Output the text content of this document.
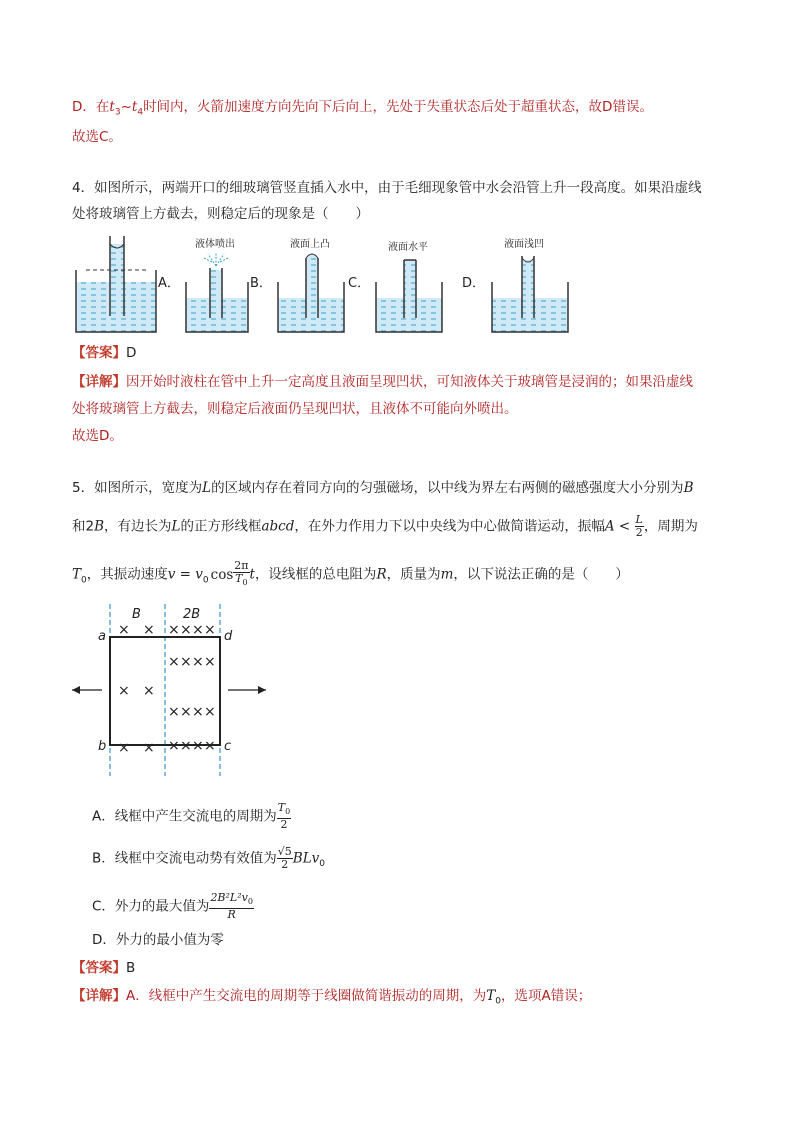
D．在$t_3\sim t_4$时间内，火箭加速度方向先向下后向上，先处于失重状态后处于超重状态，故D错误。
故选C。
4．如图所示，两端开口的细玻璃管竖直插入水中，由于毛细现象管中水会沿管上升一段高度。如果沿虚线
处将玻璃管上方截去，则稳定后的现象是（　　）
A．
液体喷出
B．
液面上凸
C．
液面水平
D．
液面浅凹
【答案】D
【详解】因开始时液柱在管中上升一定高度且液面呈现凹状，可知液体关于玻璃管是浸润的；如果沿虚线
处将玻璃管上方截去，则稳定后液面仍呈现凹状，且液体不可能向外喷出。
故选D。
5．如图所示，宽度为L的区域内存在着同方向的匀强磁场，以中线为界左右两侧的磁感强度大小分别为B
和2B，有边长为L的正方形线框abcd，在外力作用力下以中央线为中心做简谐运动，振幅$A < \frac{L}{2}$ ，周期为
$T_0$，其振动速度$v = v_0$ $\cos \frac{2\pi}{T_0}$ t，设线框的总电阻为R，质量为m，以下说法正确的是（　　）
B	2B
a	d
b	c
×
×
×
×
×
×
×
×
×
×
×
×
×
×
×
×
×
×
×
×
×
×
A．线框中产生交流电的周期为 $\frac{T_0}{2}$
B．线框中交流电动势有效值为 $\frac{√5}{2} BLv_0$
C．外力的最大值为 $\frac{2B^2L^2v_0}{R}$
D．外力的最小值为零
【答案】B
【详解】A．线框中产生交流电的周期等于线圈做简谐振动的周期，为$T_0$，选项A错误；
